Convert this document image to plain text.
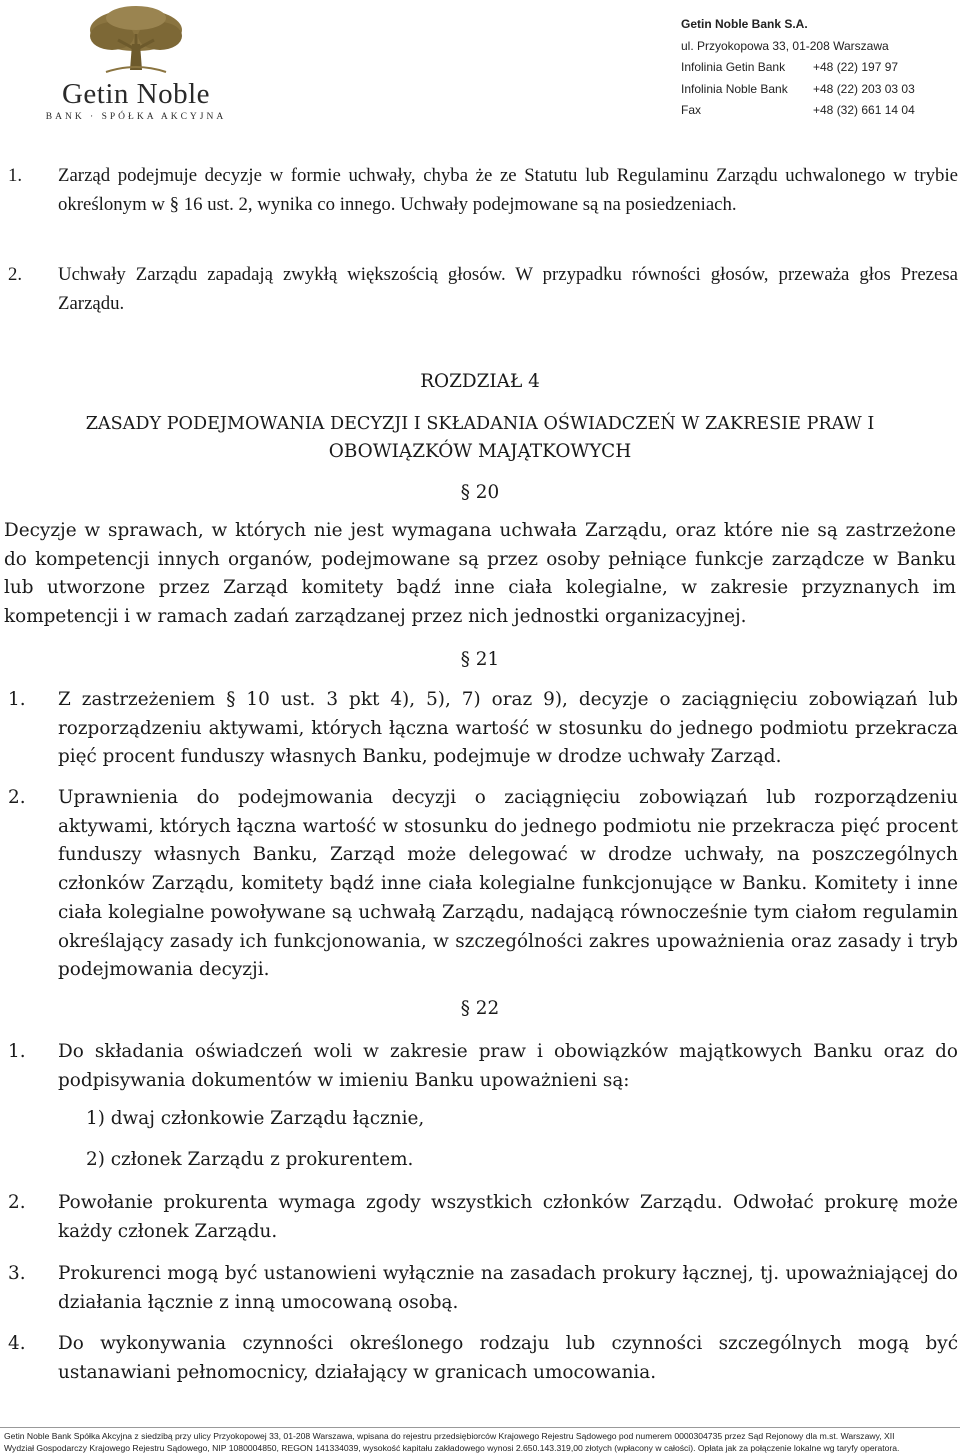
Getin Noble
BANK · SPÓŁKA AKCYJNA
Getin Noble Bank S.A.
ul. Przyokopowa 33, 01-208 Warszawa
Infolinia Getin Bank +48 (22) 197 97
Infolinia Noble Bank +48 (22) 203 03 03
Fax	+48 (32) 661 14 04
1. Zarząd podejmuje decyzje w formie uchwały, chyba że ze Statutu lub Regulaminu Zarządu uchwalonego w trybie określonym w § 16 ust. 2, wynika co innego. Uchwały podejmowane są na posiedzeniach.
2. Uchwały Zarządu zapadają zwykłą większością głosów. W przypadku równości głosów, przeważa głos Prezesa Zarządu.
ROZDZIAŁ 4
ZASADY PODEJMOWANIA DECYZJI I SKŁADANIA OŚWIADCZEŃ W ZAKRESIE PRAW I
OBOWIĄZKÓW MAJĄTKOWYCH
§ 20
Decyzje w sprawach, w których nie jest wymagana uchwała Zarządu, oraz które nie są zastrzeżone do kompetencji innych organów, podejmowane są przez osoby pełniące funkcje zarządcze w Banku lub utworzone przez Zarząd komitety bądź inne ciała kolegialne, w zakresie przyznanych im kompetencji i w ramach zadań zarządzanej przez nich jednostki organizacyjnej.
§ 21
1. Z zastrzeżeniem § 10 ust. 3 pkt 4), 5), 7) oraz 9), decyzje o zaciągnięciu zobowiązań lub rozporządzeniu aktywami, których łączna wartość w stosunku do jednego podmiotu przekracza pięć procent funduszy własnych Banku, podejmuje w drodze uchwały Zarząd.
2. Uprawnienia do podejmowania decyzji o zaciągnięciu zobowiązań lub rozporządzeniu aktywami, których łączna wartość w stosunku do jednego podmiotu nie przekracza pięć procent funduszy własnych Banku, Zarząd może delegować w drodze uchwały, na poszczególnych członków Zarządu, komitety bądź inne ciała kolegialne funkcjonujące w Banku. Komitety i inne ciała kolegialne powoływane są uchwałą Zarządu, nadającą równocześnie tym ciałom regulamin określający zasady ich funkcjonowania, w szczególności zakres upoważnienia oraz zasady i tryb podejmowania decyzji.
§ 22
1. Do składania oświadczeń woli w zakresie praw i obowiązków majątkowych Banku oraz do podpisywania dokumentów w imieniu Banku upoważnieni są:
1) dwaj członkowie Zarządu łącznie,
2) członek Zarządu z prokurentem.
2. Powołanie prokurenta wymaga zgody wszystkich członków Zarządu. Odwołać prokurę może każdy członek Zarządu.
3. Prokurenci mogą być ustanowieni wyłącznie na zasadach prokury łącznej, tj. upoważniającej do działania łącznie z inną umocowaną osobą.
4. Do wykonywania czynności określonego rodzaju lub czynności szczególnych mogą być ustanawiani pełnomocnicy, działający w granicach umocowania.
Getin Noble Bank Spółka Akcyjna z siedzibą przy ulicy Przyokopowej 33, 01-208 Warszawa, wpisana do rejestru przedsiębiorców Krajowego Rejestru Sądowego pod numerem 0000304735 przez Sąd Rejonowy dla m.st. Warszawy, XII
Wydział Gospodarczy Krajowego Rejestru Sądowego, NIP 1080004850, REGON 141334039, wysokość kapitału zakładowego wynosi 2.650.143.319,00 złotych (wpłacony w całości). Opłata jak za połączenie lokalne wg taryfy operatora.
